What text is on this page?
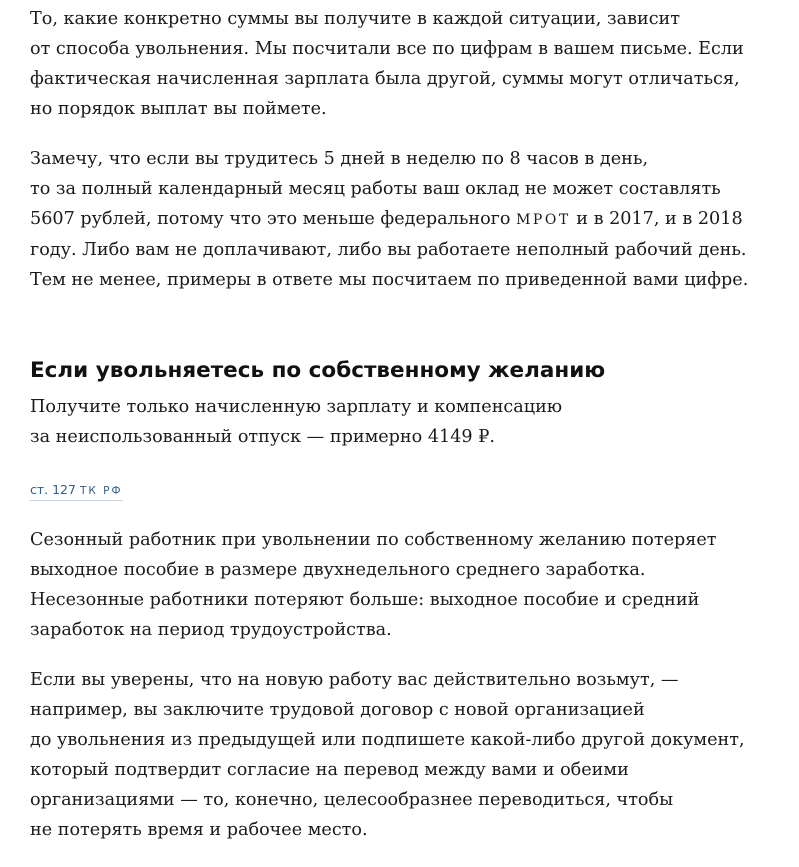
То, какие конкретно суммы вы получите в каждой ситуации, зависит
от способа увольнения. Мы посчитали все по цифрам в вашем письме. Если
фактическая начисленная зарплата была другой, суммы могут отличаться,
но порядок выплат вы поймете.

Замечу, что если вы трудитесь 5 дней в неделю по 8 часов в день,
то за полный календарный месяц работы ваш оклад не может составлять
5607 рублей, потому что это меньше федерального МРОТ и в 2017, и в 2018
году. Либо вам не доплачивают, либо вы работаете неполный рабочий день.
Тем не менее, примеры в ответе мы посчитаем по приведенной вами цифре.

Если увольняетесь по собственному желанию

Получите только начисленную зарплату и компенсацию
за неиспользованный отпуск — примерно 4149 ₽.

ст. 127 ТК РФ

Сезонный работник при увольнении по собственному желанию потеряет
выходное пособие в размере двухнедельного среднего заработка.
Несезонные работники потеряют больше: выходное пособие и средний
заработок на период трудоустройства.

Если вы уверены, что на новую работу вас действительно возьмут, —
например, вы заключите трудовой договор с новой организацией
до увольнения из предыдущей или подпишете какой-либо другой документ,
который подтвердит согласие на перевод между вами и обеими
организациями — то, конечно, целесообразнее переводиться, чтобы
не потерять время и рабочее место.
